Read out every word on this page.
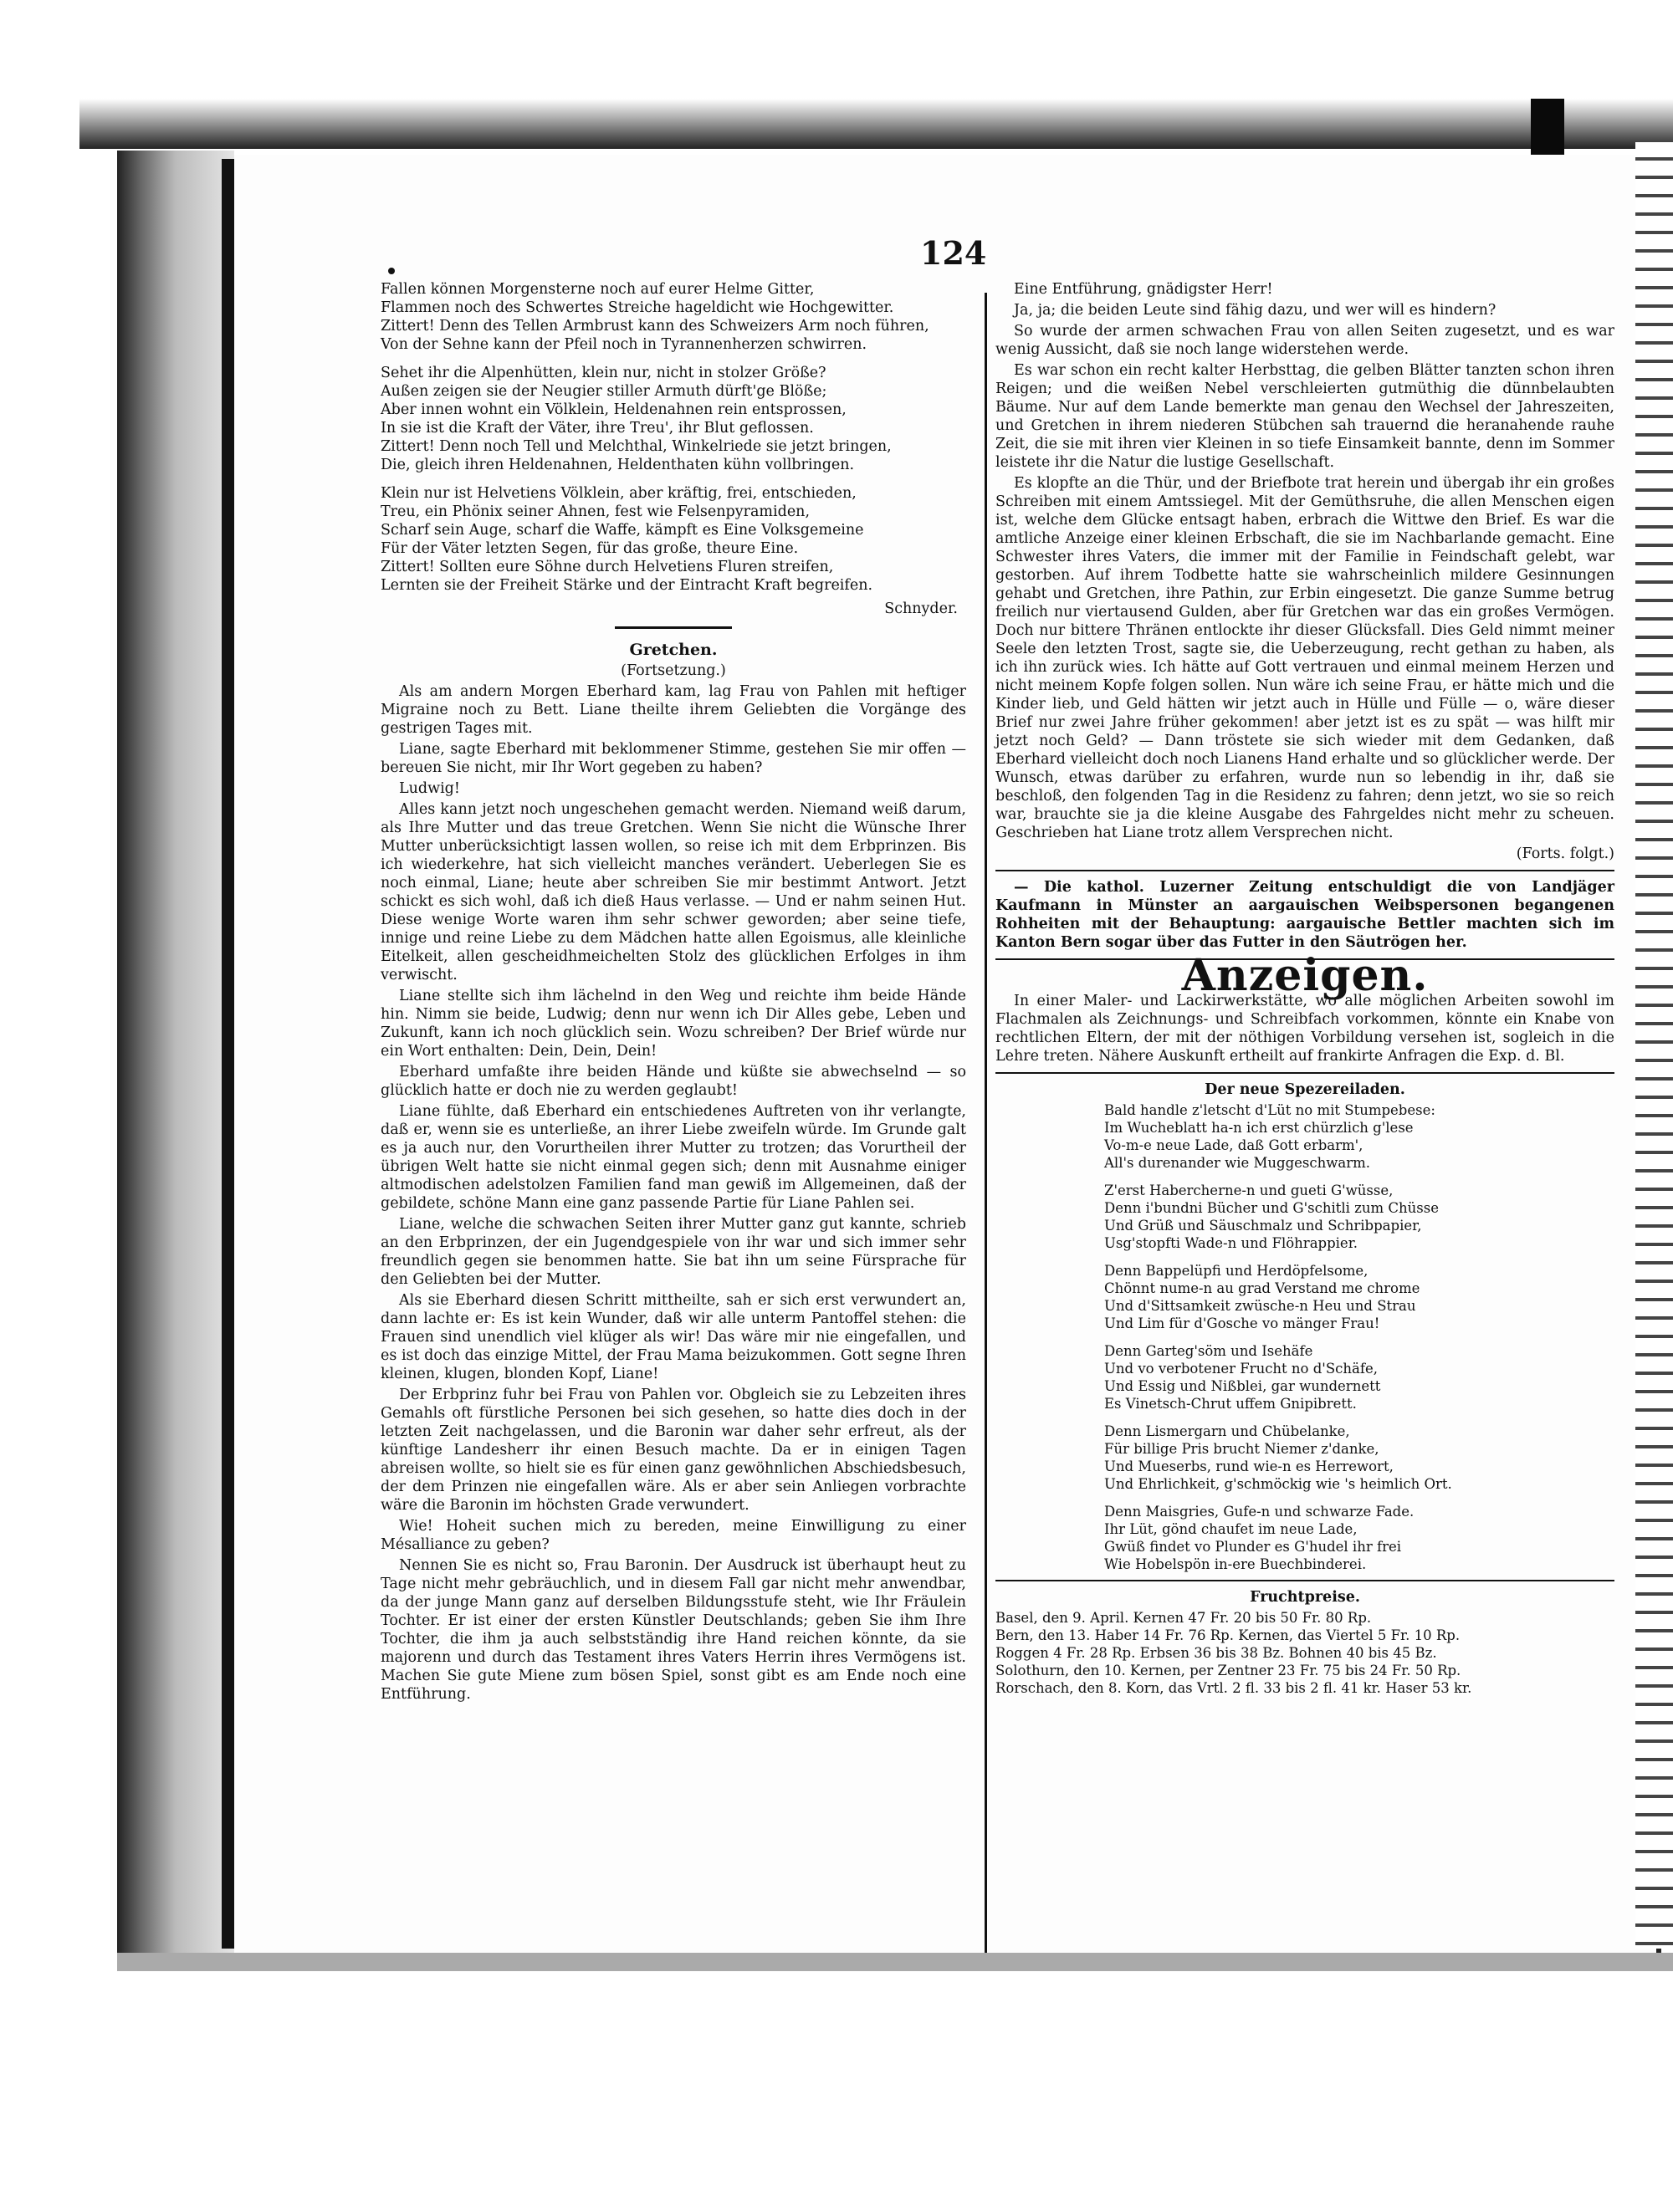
124

Fallen können Morgensterne noch auf eurer Helme Gitter,

Flammen noch des Schwertes Streiche hageldicht wie Hochgewitter.

Zittert! Denn des Tellen Armbrust kann des Schweizers Arm noch führen,

Von der Sehne kann der Pfeil noch in Tyrannenherzen schwirren.

Sehet ihr die Alpenhütten, klein nur, nicht in stolzer Größe?

Außen zeigen sie der Neugier stiller Armuth dürft'ge Blöße;

Aber innen wohnt ein Völklein, Heldenahnen rein entsprossen,

In sie ist die Kraft der Väter, ihre Treu', ihr Blut geflossen.

Zittert! Denn noch Tell und Melchthal, Winkelriede sie jetzt bringen,

Die, gleich ihren Heldenahnen, Heldenthaten kühn vollbringen.

Klein nur ist Helvetiens Völklein, aber kräftig, frei, entschieden,

Treu, ein Phönix seiner Ahnen, fest wie Felsenpyramiden,

Scharf sein Auge, scharf die Waffe, kämpft es Eine Volksgemeine

Für der Väter letzten Segen, für das große, theure Eine.

Zittert! Sollten eure Söhne durch Helvetiens Fluren streifen,

Lernten sie der Freiheit Stärke und der Eintracht Kraft begreifen.

Schnyder.

Gretchen.

(Fortsetzung.)

Als am andern Morgen Eberhard kam, lag Frau von Pahlen mit heftiger Migraine noch zu Bett. Liane theilte ihrem Geliebten die Vorgänge des gestrigen Tages mit.

Liane, sagte Eberhard mit beklommener Stimme, gestehen Sie mir offen — bereuen Sie nicht, mir Ihr Wort gegeben zu haben?

Ludwig!

Alles kann jetzt noch ungeschehen gemacht werden. Niemand weiß darum, als Ihre Mutter und das treue Gretchen. Wenn Sie nicht die Wünsche Ihrer Mutter unberücksichtigt lassen wollen, so reise ich mit dem Erbprinzen. Bis ich wiederkehre, hat sich vielleicht manches verändert. Ueberlegen Sie es noch einmal, Liane; heute aber schreiben Sie mir bestimmt Antwort. Jetzt schickt es sich wohl, daß ich dieß Haus verlasse. — Und er nahm seinen Hut. Diese wenige Worte waren ihm sehr schwer geworden; aber seine tiefe, innige und reine Liebe zu dem Mädchen hatte allen Egoismus, alle kleinliche Eitelkeit, allen gescheidhmeichelten Stolz des glücklichen Erfolges in ihm verwischt.

Liane stellte sich ihm lächelnd in den Weg und reichte ihm beide Hände hin. Nimm sie beide, Ludwig; denn nur wenn ich Dir Alles gebe, Leben und Zukunft, kann ich noch glücklich sein. Wozu schreiben? Der Brief würde nur ein Wort enthalten: Dein, Dein, Dein!

Eberhard umfaßte ihre beiden Hände und küßte sie abwechselnd — so glücklich hatte er doch nie zu werden geglaubt!

Liane fühlte, daß Eberhard ein entschiedenes Auftreten von ihr verlangte, daß er, wenn sie es unterließe, an ihrer Liebe zweifeln würde. Im Grunde galt es ja auch nur, den Vorurtheilen ihrer Mutter zu trotzen; das Vorurtheil der übrigen Welt hatte sie nicht einmal gegen sich; denn mit Ausnahme einiger altmodischen adelstolzen Familien fand man gewiß im Allgemeinen, daß der gebildete, schöne Mann eine ganz passende Partie für Liane Pahlen sei.

Liane, welche die schwachen Seiten ihrer Mutter ganz gut kannte, schrieb an den Erbprinzen, der ein Jugendgespiele von ihr war und sich immer sehr freundlich gegen sie benommen hatte. Sie bat ihn um seine Fürsprache für den Geliebten bei der Mutter.

Als sie Eberhard diesen Schritt mittheilte, sah er sich erst verwundert an, dann lachte er: Es ist kein Wunder, daß wir alle unterm Pantoffel stehen: die Frauen sind unendlich viel klüger als wir! Das wäre mir nie eingefallen, und es ist doch das einzige Mittel, der Frau Mama beizukommen. Gott segne Ihren kleinen, klugen, blonden Kopf, Liane!

Der Erbprinz fuhr bei Frau von Pahlen vor. Obgleich sie zu Lebzeiten ihres Gemahls oft fürstliche Personen bei sich gesehen, so hatte dies doch in der letzten Zeit nachgelassen, und die Baronin war daher sehr erfreut, als der künftige Landesherr ihr einen Besuch machte. Da er in einigen Tagen abreisen wollte, so hielt sie es für einen ganz gewöhnlichen Abschiedsbesuch, der dem Prinzen nie eingefallen wäre. Als er aber sein Anliegen vorbrachte wäre die Baronin im höchsten Grade verwundert.

Wie! Hoheit suchen mich zu bereden, meine Einwilligung zu einer Mésalliance zu geben?

Nennen Sie es nicht so, Frau Baronin. Der Ausdruck ist überhaupt heut zu Tage nicht mehr gebräuchlich, und in diesem Fall gar nicht mehr anwendbar, da der junge Mann ganz auf derselben Bildungsstufe steht, wie Ihr Fräulein Tochter. Er ist einer der ersten Künstler Deutschlands; geben Sie ihm Ihre Tochter, die ihm ja auch selbstständig ihre Hand reichen könnte, da sie majorenn und durch das Testament ihres Vaters Herrin ihres Vermögens ist. Machen Sie gute Miene zum bösen Spiel, sonst gibt es am Ende noch eine Entführung.

Eine Entführung, gnädigster Herr!

Ja, ja; die beiden Leute sind fähig dazu, und wer will es hindern?

So wurde der armen schwachen Frau von allen Seiten zugesetzt, und es war wenig Aussicht, daß sie noch lange widerstehen werde.

Es war schon ein recht kalter Herbsttag, die gelben Blätter tanzten schon ihren Reigen; und die weißen Nebel verschleierten gutmüthig die dünnbelaubten Bäume. Nur auf dem Lande bemerkte man genau den Wechsel der Jahreszeiten, und Gretchen in ihrem niederen Stübchen sah trauernd die heranahende rauhe Zeit, die sie mit ihren vier Kleinen in so tiefe Einsamkeit bannte, denn im Sommer leistete ihr die Natur die lustige Gesellschaft.

Es klopfte an die Thür, und der Briefbote trat herein und übergab ihr ein großes Schreiben mit einem Amtssiegel. Mit der Gemüthsruhe, die allen Menschen eigen ist, welche dem Glücke entsagt haben, erbrach die Wittwe den Brief. Es war die amtliche Anzeige einer kleinen Erbschaft, die sie im Nachbarlande gemacht. Eine Schwester ihres Vaters, die immer mit der Familie in Feindschaft gelebt, war gestorben. Auf ihrem Todbette hatte sie wahrscheinlich mildere Gesinnungen gehabt und Gretchen, ihre Pathin, zur Erbin eingesetzt. Die ganze Summe betrug freilich nur viertausend Gulden, aber für Gretchen war das ein großes Vermögen. Doch nur bittere Thränen entlockte ihr dieser Glücksfall. Dies Geld nimmt meiner Seele den letzten Trost, sagte sie, die Ueberzeugung, recht gethan zu haben, als ich ihn zurück wies. Ich hätte auf Gott vertrauen und einmal meinem Herzen und nicht meinem Kopfe folgen sollen. Nun wäre ich seine Frau, er hätte mich und die Kinder lieb, und Geld hätten wir jetzt auch in Hülle und Fülle — o, wäre dieser Brief nur zwei Jahre früher gekommen! aber jetzt ist es zu spät — was hilft mir jetzt noch Geld? — Dann tröstete sie sich wieder mit dem Gedanken, daß Eberhard vielleicht doch noch Lianens Hand erhalte und so glücklicher werde. Der Wunsch, etwas darüber zu erfahren, wurde nun so lebendig in ihr, daß sie beschloß, den folgenden Tag in die Residenz zu fahren; denn jetzt, wo sie so reich war, brauchte sie ja die kleine Ausgabe des Fahrgeldes nicht mehr zu scheuen. Geschrieben hat Liane trotz allem Versprechen nicht.

(Forts. folgt.)

— Die kathol. Luzerner Zeitung entschuldigt die von Landjäger Kaufmann in Münster an aargauischen Weibspersonen begangenen Rohheiten mit der Behauptung: aargauische Bettler machten sich im Kanton Bern sogar über das Futter in den Säutrögen her.

Anzeigen.

In einer Maler- und Lackirwerkstätte, wo alle möglichen Arbeiten sowohl im Flachmalen als Zeichnungs- und Schreibfach vorkommen, könnte ein Knabe von rechtlichen Eltern, der mit der nöthigen Vorbildung versehen ist, sogleich in die Lehre treten. Nähere Auskunft ertheilt auf frankirte Anfragen die Exp. d. Bl.

Der neue Spezereiladen.

Bald handle z'letscht d'Lüt no mit Stumpebese:

Im Wucheblatt ha-n ich erst chürzlich g'lese

Vo-m-e neue Lade, daß Gott erbarm',

All's durenander wie Muggeschwarm.

Z'erst Habercherne-n und gueti G'wüsse,

Denn i'bundni Bücher und G'schitli zum Chüsse

Und Grüß und Säuschmalz und Schribpapier,

Usg'stopfti Wade-n und Flöhrappier.

Denn Bappelüpfi und Herdöpfelsome,

Chönnt nume-n au grad Verstand me chrome

Und d'Sittsamkeit zwüsche-n Heu und Strau

Und Lim für d'Gosche vo mänger Frau!

Denn Garteg'söm und Isehäfe

Und vo verbotener Frucht no d'Schäfe,

Und Essig und Nißblei, gar wundernett

Es Vinetsch-Chrut uffem Gnipibrett.

Denn Lismergarn und Chübelanke,

Für billige Pris brucht Niemer z'danke,

Und Mueserbs, rund wie-n es Herrewort,

Und Ehrlichkeit, g'schmöckig wie 's heimlich Ort.

Denn Maisgries, Gufe-n und schwarze Fade.

Ihr Lüt, gönd chaufet im neue Lade,

Gwüß findet vo Plunder es G'hudel ihr frei

Wie Hobelspön in-ere Buechbinderei.

Fruchtpreise.

Basel, den 9. April. Kernen 47 Fr. 20 bis 50 Fr. 80 Rp.
Bern, den 13. Haber 14 Fr. 76 Rp. Kernen, das Viertel 5 Fr. 10 Rp.
Roggen 4 Fr. 28 Rp. Erbsen 36 bis 38 Bz. Bohnen 40 bis 45 Bz.
Solothurn, den 10. Kernen, per Zentner 23 Fr. 75 bis 24 Fr. 50 Rp.
Rorschach, den 8. Korn, das Vrtl. 2 fl. 33 bis 2 fl. 41 kr. Haser 53 kr.
